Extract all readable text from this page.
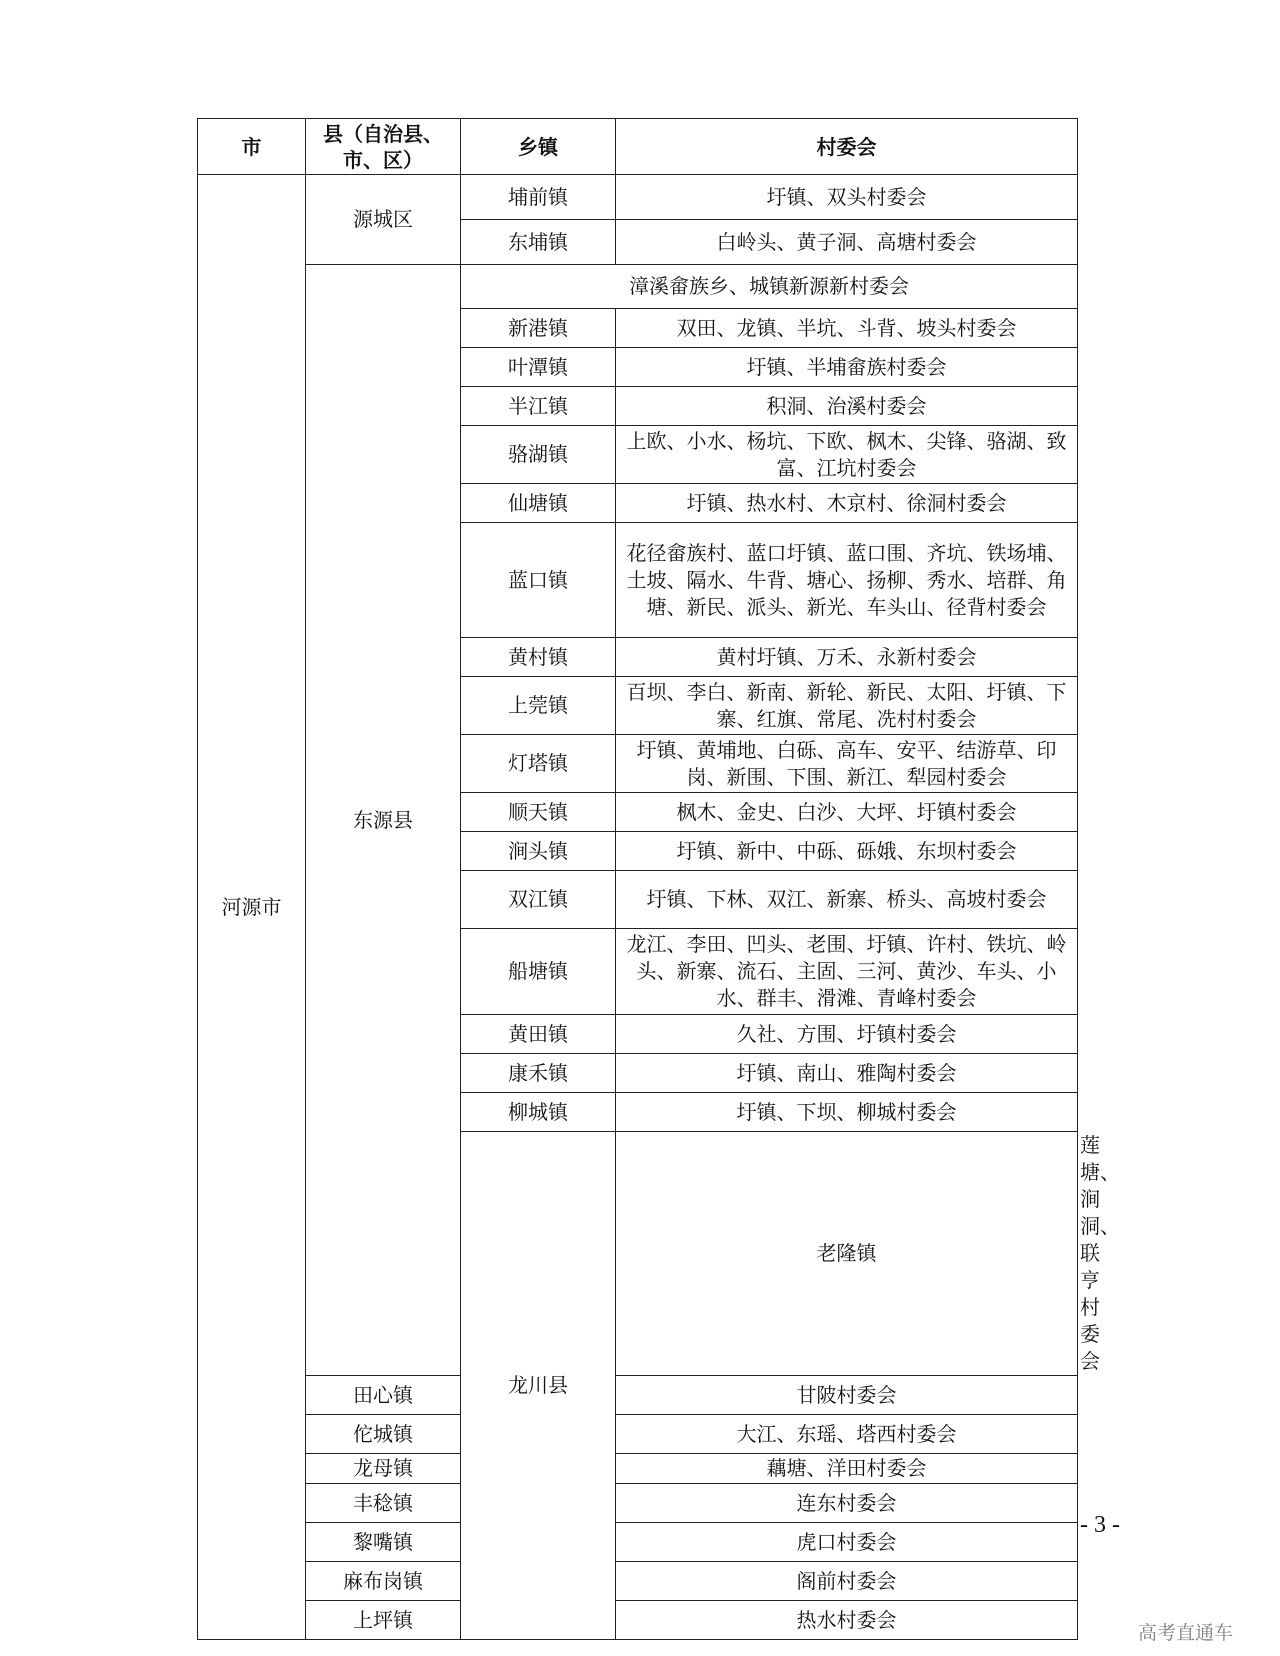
市	县（自治县、市、区）	乡镇	村委会	
河源市	源城区	埔前镇	圩镇、双头村委会	
		东埔镇	白岭头、黄子洞、高塘村委会	
	东源县	漳溪畲族乡、城镇新源新村委会		
		新港镇	双田、龙镇、半坑、斗背、坡头村委会	
		叶潭镇	圩镇、半埔畲族村委会	
		半江镇	积洞、治溪村委会	
		骆湖镇	上欧、小水、杨坑、下欧、枫木、尖锋、骆湖、致富、江坑村委会	
		仙塘镇	圩镇、热水村、木京村、徐洞村委会	
		蓝口镇	花径畲族村、蓝口圩镇、蓝口围、齐坑、铁场埔、土坡、隔水、牛背、塘心、扬柳、秀水、培群、角塘、新民、派头、新光、车头山、径背村委会	
		黄村镇	黄村圩镇、万禾、永新村委会	
		上莞镇	百坝、李白、新南、新轮、新民、太阳、圩镇、下寨、红旗、常尾、冼村村委会	
		灯塔镇	圩镇、黄埔地、白砾、高车、安平、结游草、印岗、新围、下围、新江、犁园村委会	
		顺天镇	枫木、金史、白沙、大坪、圩镇村委会	
		涧头镇	圩镇、新中、中砾、砾娥、东坝村委会	
		双江镇	圩镇、下林、双江、新寨、桥头、高坡村委会	
		船塘镇	龙江、李田、凹头、老围、圩镇、许村、铁坑、岭头、新寨、流石、主固、三河、黄沙、车头、小水、群丰、滑滩、青峰村委会	
		黄田镇	久社、方围、圩镇村委会	
		康禾镇	圩镇、南山、雅陶村委会	
		柳城镇	圩镇、下坝、柳城村委会	
		龙川县	老隆镇	莲塘、涧洞、联亨村委会
	田心镇		甘陂村委会	
	佗城镇		大江、东瑶、塔西村委会	
	龙母镇		藕塘、洋田村委会	
	丰稔镇		连东村委会	
	黎嘴镇		虎口村委会	
	麻布岗镇		阁前村委会	
	上坪镇		热水村委会	
- 3 -
高考直通车
